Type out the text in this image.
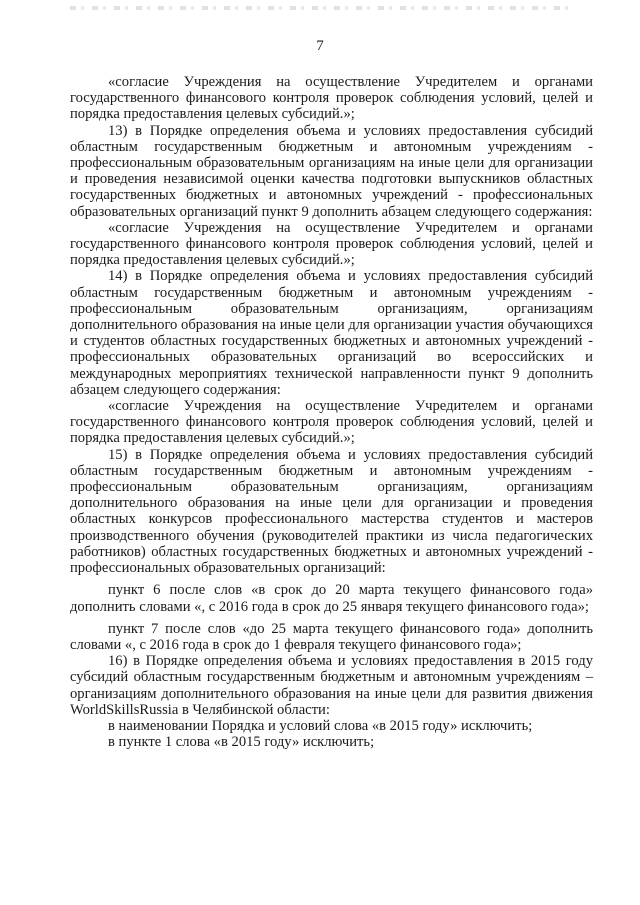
7

«согласие Учреждения на осуществление Учредителем и органами государственного финансового контроля проверок соблюдения условий, целей и порядка предоставления целевых субсидий.»;

13) в Порядке определения объема и условиях предоставления субсидий областным государственным бюджетным и автономным учреждениям - профессиональным образовательным организациям на иные цели для организации и проведения независимой оценки качества подготовки выпускников областных государственных бюджетных и автономных учреждений - профессиональных образовательных организаций пункт 9 дополнить абзацем следующего содержания:

«согласие Учреждения на осуществление Учредителем и органами государственного финансового контроля проверок соблюдения условий, целей и порядка предоставления целевых субсидий.»;

14) в Порядке определения объема и условиях предоставления субсидий областным государственным бюджетным и автономным учреждениям - профессиональным образовательным организациям, организациям дополнительного образования на иные цели для организации участия обучающихся и студентов областных государственных бюджетных и автономных учреждений - профессиональных образовательных организаций во всероссийских и международных мероприятиях технической направленности пункт 9 дополнить абзацем следующего содержания:

«согласие Учреждения на осуществление Учредителем и органами государственного финансового контроля проверок соблюдения условий, целей и порядка предоставления целевых субсидий.»;

15) в Порядке определения объема и условиях предоставления субсидий областным государственным бюджетным и автономным учреждениям - профессиональным образовательным организациям, организациям дополнительного образования на иные цели для организации и проведения областных конкурсов профессионального мастерства студентов и мастеров производственного обучения (руководителей практики из числа педагогических работников) областных государственных бюджетных и автономных учреждений - профессиональных образовательных организаций:

пункт 6 после слов «в срок до 20 марта текущего финансового года» дополнить словами «, с 2016 года в срок до 25 января текущего финансового года»;

пункт 7 после слов «до 25 марта текущего финансового года» дополнить словами «, с 2016 года в срок до 1 февраля текущего финансового года»;

16) в Порядке определения объема и условиях предоставления в 2015 году субсидий областным государственным бюджетным и автономным учреждениям – организациям дополнительного образования на иные цели для развития движения WorldSkillsRussia в Челябинской области:

в наименовании Порядка и условий слова «в 2015 году» исключить;

в пункте 1 слова «в 2015 году» исключить;
